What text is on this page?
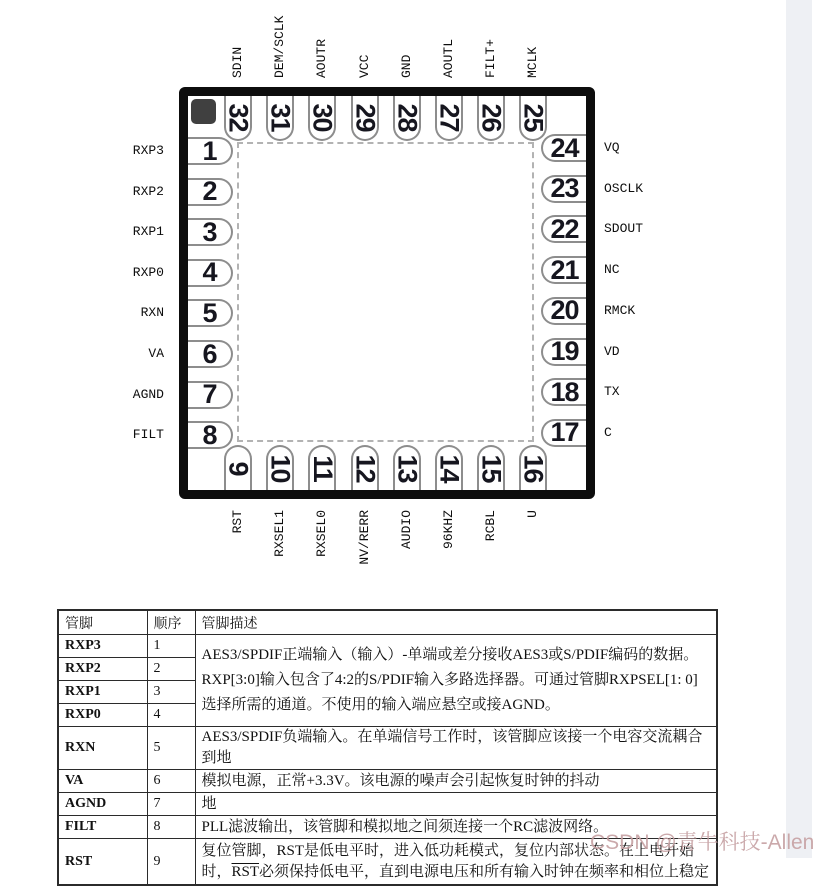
1
RXP3
2
RXP2
3
RXP1
4
RXP0
5
RXN
6
VA
7
AGND
8
FILT
24 VQ
23 OSCLK
22 SDOUT
21 NC
20 RMCK
19 VD
18 TX
17 C
32
SDIN
31
DEM/SCLK
30
AOUTR
29
VCC
28
GND
27
AOUTL
26
FILT+
25
MCLK
9
RST
10
RXSEL1
11
RXSEL0
12
NV/RERR
13
AUDIO
14
96KHZ
15
RCBL
16
U
管脚	顺序	管脚描述
RXP3	1	AES3/SPDIF正端输入（输入）-单端或差分接收AES3或S/PDIF编码的数据。RXP[3:0]输入包含了4:2的S/PDIF输入多路选择器。可通过管脚RXPSEL[1: 0]选择所需的通道。不使用的输入端应悬空或接AGND。
RXP2	2	
RXP1	3	
RXP0	4	
RXN	5	AES3/SPDIF负端输入。在单端信号工作时，该管脚应该接一个电容交流耦合到地
VA	6	模拟电源，正常+3.3V。该电源的噪声会引起恢复时钟的抖动
AGND	7	地
FILT	8	PLL滤波输出，该管脚和模拟地之间须连接一个RC滤波网络。
RST	9	复位管脚，RST是低电平时，进入低功耗模式，复位内部状态。在上电开始时，$\overline{RST}$必须保持低电平，直到电源电压和所有输入时钟在频率和相位上稳定
CSDN @青牛科技-Allen
